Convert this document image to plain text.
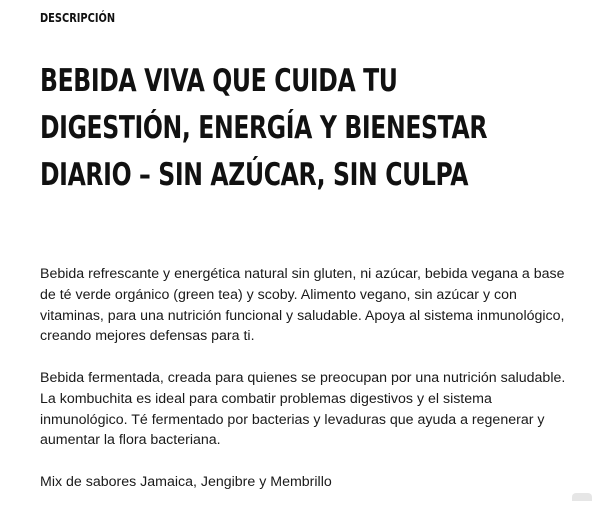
DESCRIPCIÓN

BEBIDA VIVA QUE CUIDA TU DIGESTIÓN, ENERGÍA Y BIENESTAR DIARIO – SIN AZÚCAR, SIN CULPA

Bebida refrescante y energética natural sin gluten, ni azúcar, bebida vegana a base de té verde orgánico (green tea) y scoby. Alimento vegano, sin azúcar y con vitaminas, para una nutrición funcional y saludable. Apoya al sistema inmunológico, creando mejores defensas para ti.

Bebida fermentada, creada para quienes se preocupan por una nutrición saludable. La kombuchita es ideal para combatir problemas digestivos y el sistema inmunológico. Té fermentado por bacterias y levaduras que ayuda a regenerar y aumentar la flora bacteriana.

Mix de sabores Jamaica, Jengibre y Membrillo
